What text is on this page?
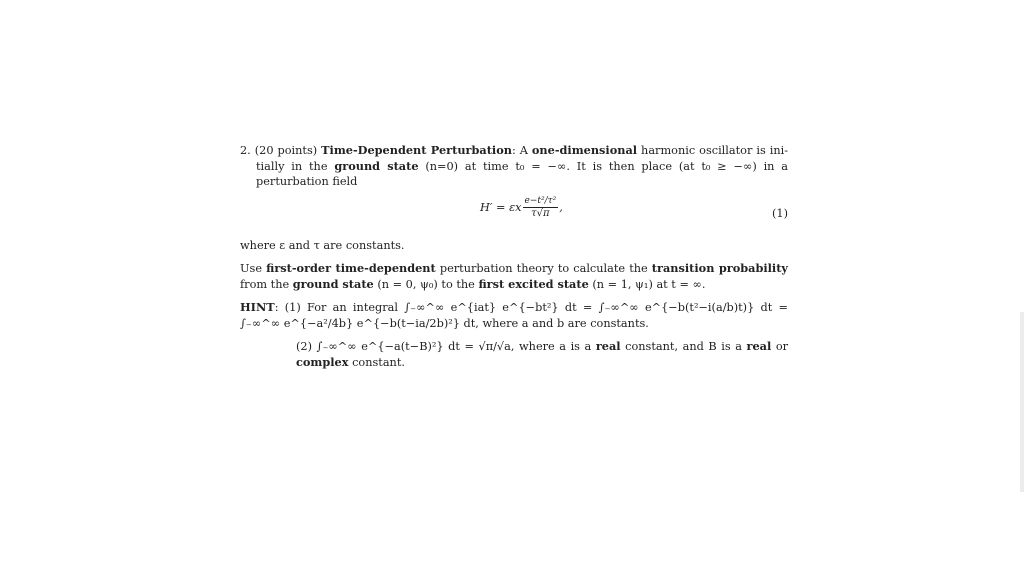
2. (20 points) Time-Dependent Perturbation: A one-dimensional harmonic oscillator is ini- tially in the ground state (n=0) at time t₀ = −∞. It is then place (at t₀ ≥ −∞) in a perturbation field

H′ = εx $\frac{\text{e−t²/τ²}}{\tau√\pi}$ ,	(1)

where ε and τ are constants.

Use first-order time-dependent perturbation theory to calculate the transition probability from the ground state (n = 0, ψ₀) to the first excited state (n = 1, ψ₁) at t = ∞.

HINT: (1) For an integral ∫₋∞^∞ e^{iat} e^{−bt²} dt = ∫₋∞^∞ e^{−b(t²−i(a/b)t)} dt = ∫₋∞^∞ e^{−a²/4b} e^{−b(t−ia/2b)²} dt, where a and b are constants.

(2) ∫₋∞^∞ e^{−a(t−B)²} dt = √π/√a, where a is a real constant, and B is a real or complex constant.
